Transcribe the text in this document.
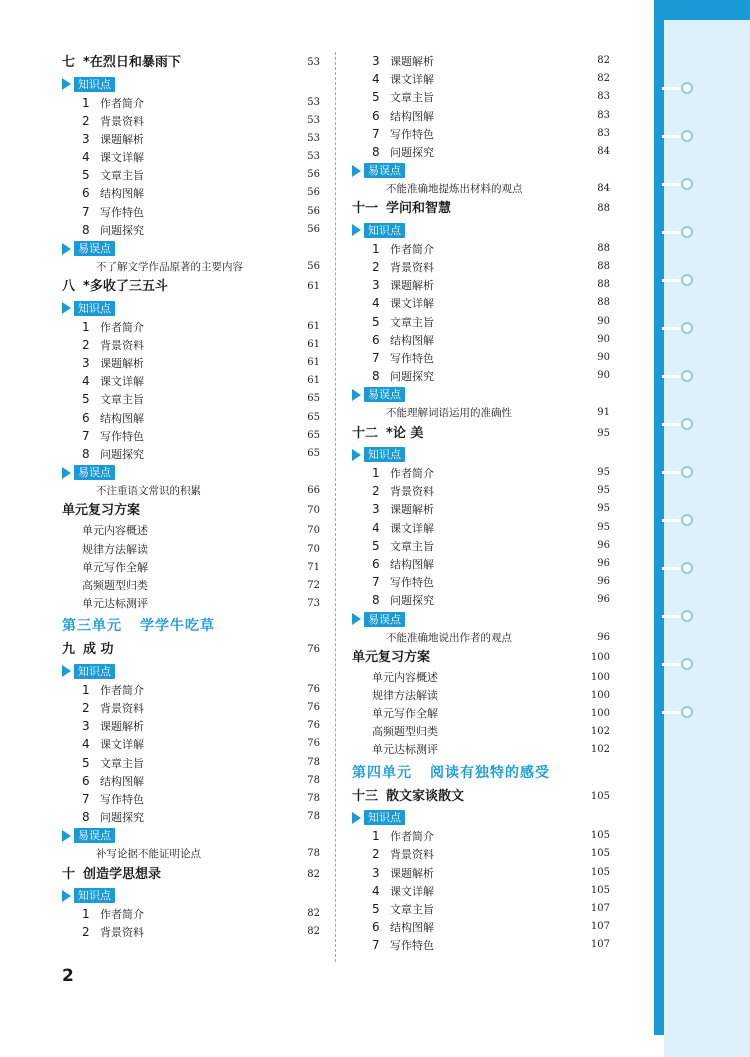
七 *在烈日和暴雨下	53
知识点
1 作者简介	53
2 背景资料	53
3 课题解析	53
4 课文详解	53
5 文章主旨	56
6 结构图解	56
7 写作特色	56
8 问题探究	56
易误点
不了解文学作品原著的主要内容	56
八 *多收了三五斗	61
知识点
1 作者简介	61
2 背景资料	61
3 课题解析	61
4 课文详解	61
5 文章主旨	65
6 结构图解	65
7 写作特色	65
8 问题探究	65
易误点
不注重语文常识的积累	66
单元复习方案	70
单元内容概述	70
规律方法解读	70
单元写作全解	71
高频题型归类	72
单元达标测评	73
第三单元 学学牛吃草
九 成 功	76
知识点
1 作者简介	76
2 背景资料	76
3 课题解析	76
4 课文详解	76
5 文章主旨	78
6 结构图解	78
7 写作特色	78
8 问题探究	78
易误点
补写论据不能证明论点	78
十 创造学思想录	82
知识点
1 作者简介	82
2 背景资料	82
3 课题解析	82
4 课文详解	82
5 文章主旨	83
6 结构图解	83
7 写作特色	83
8 问题探究	84
易误点
不能准确地提炼出材料的观点	84
十一 学问和智慧	88
知识点
1 作者简介	88
2 背景资料	88
3 课题解析	88
4 课文详解	88
5 文章主旨	90
6 结构图解	90
7 写作特色	90
8 问题探究	90
易误点
不能理解词语运用的准确性	91
十二 *论 美	95
知识点
1 作者简介	95
2 背景资料	95
3 课题解析	95
4 课文详解	95
5 文章主旨	96
6 结构图解	96
7 写作特色	96
8 问题探究	96
易误点
不能准确地说出作者的观点	96
单元复习方案	100
单元内容概述	100
规律方法解读	100
单元写作全解	100
高频题型归类	102
单元达标测评	102
第四单元 阅读有独特的感受
十三 散文家谈散文	105
知识点
1 作者简介	105
2 背景资料	105
3 课题解析	105
4 课文详解	105
5 文章主旨	107
6 结构图解	107
7 写作特色	107
2
